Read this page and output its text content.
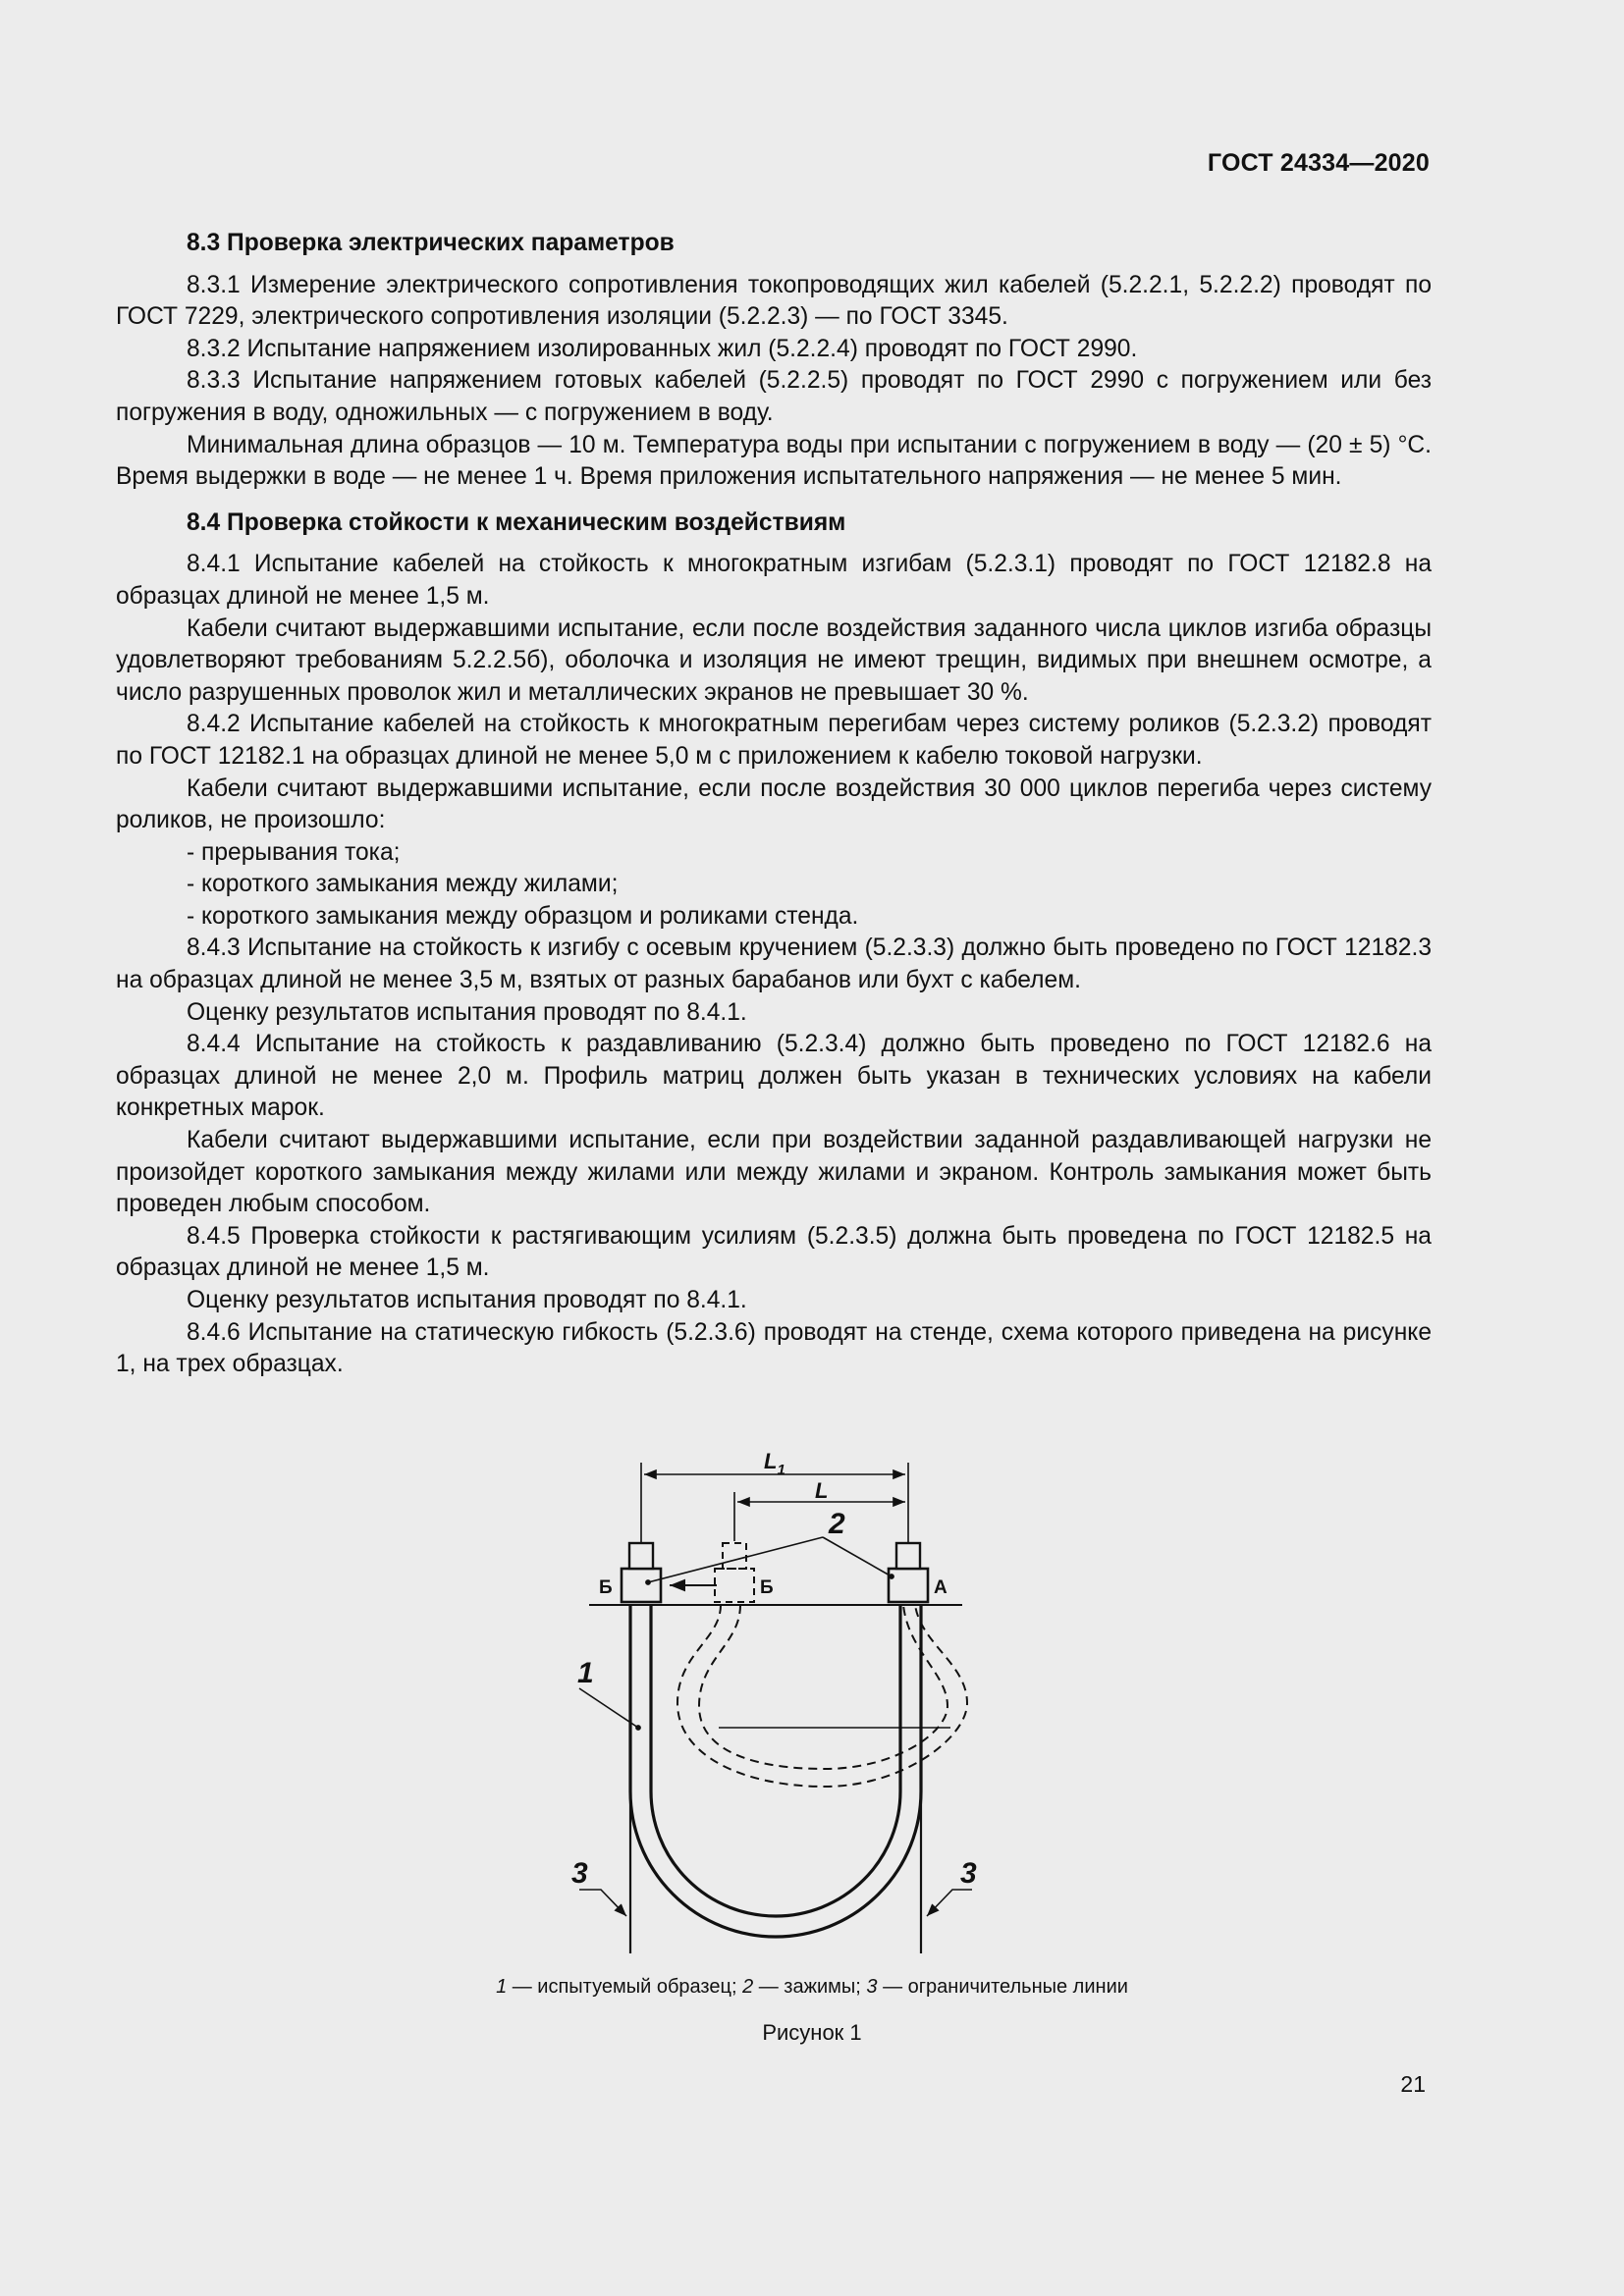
ГОСТ 24334—2020

8.3 Проверка электрических параметров

8.3.1 Измерение электрического сопротивления токопроводящих жил кабелей (5.2.2.1, 5.2.2.2) проводят по ГОСТ 7229, электрического сопротивления изоляции (5.2.2.3) — по ГОСТ 3345.

8.3.2 Испытание напряжением изолированных жил (5.2.2.4) проводят по ГОСТ 2990.

8.3.3 Испытание напряжением готовых кабелей (5.2.2.5) проводят по ГОСТ 2990 с погружением или без погружения в воду, одножильных — с погружением в воду.

Минимальная длина образцов — 10 м. Температура воды при испытании с погружением в воду — (20 ± 5) °С. Время выдержки в воде — не менее 1 ч. Время приложения испытательного напряжения — не менее 5 мин.

8.4 Проверка стойкости к механическим воздействиям

8.4.1 Испытание кабелей на стойкость к многократным изгибам (5.2.3.1) проводят по ГОСТ 12182.8 на образцах длиной не менее 1,5 м.

Кабели считают выдержавшими испытание, если после воздействия заданного числа циклов изгиба образцы удовлетворяют требованиям 5.2.2.5б), оболочка и изоляция не имеют трещин, видимых при внешнем осмотре, а число разрушенных проволок жил и металлических экранов не превышает 30 %.

8.4.2 Испытание кабелей на стойкость к многократным перегибам через систему роликов (5.2.3.2) проводят по ГОСТ 12182.1 на образцах длиной не менее 5,0 м с приложением к кабелю токовой нагрузки.

Кабели считают выдержавшими испытание, если после воздействия 30 000 циклов перегиба через систему роликов, не произошло:

- прерывания тока;

- короткого замыкания между жилами;

- короткого замыкания между образцом и роликами стенда.

8.4.3 Испытание на стойкость к изгибу с осевым кручением (5.2.3.3) должно быть проведено по ГОСТ 12182.3 на образцах длиной не менее 3,5 м, взятых от разных барабанов или бухт с кабелем.

Оценку результатов испытания проводят по 8.4.1.

8.4.4 Испытание на стойкость к раздавливанию (5.2.3.4) должно быть проведено по ГОСТ 12182.6 на образцах длиной не менее 2,0 м. Профиль матриц должен быть указан в технических условиях на кабели конкретных марок.

Кабели считают выдержавшими испытание, если при воздействии заданной раздавливающей нагрузки не произойдет короткого замыкания между жилами или между жилами и экраном. Контроль замыкания может быть проведен любым способом.

8.4.5 Проверка стойкости к растягивающим усилиям (5.2.3.5) должна быть проведена по ГОСТ 12182.5 на образцах длиной не менее 1,5 м.

Оценку результатов испытания проводят по 8.4.1.

8.4.6 Испытание на статическую гибкость (5.2.3.6) проводят на стенде, схема которого приведена на рисунке 1, на трех образцах.

$L_1$
L
2
1
3	3
Б	Б	А
1 — испытуемый образец; 2 — зажимы; 3 — ограничительные линии
Рисунок 1
21
